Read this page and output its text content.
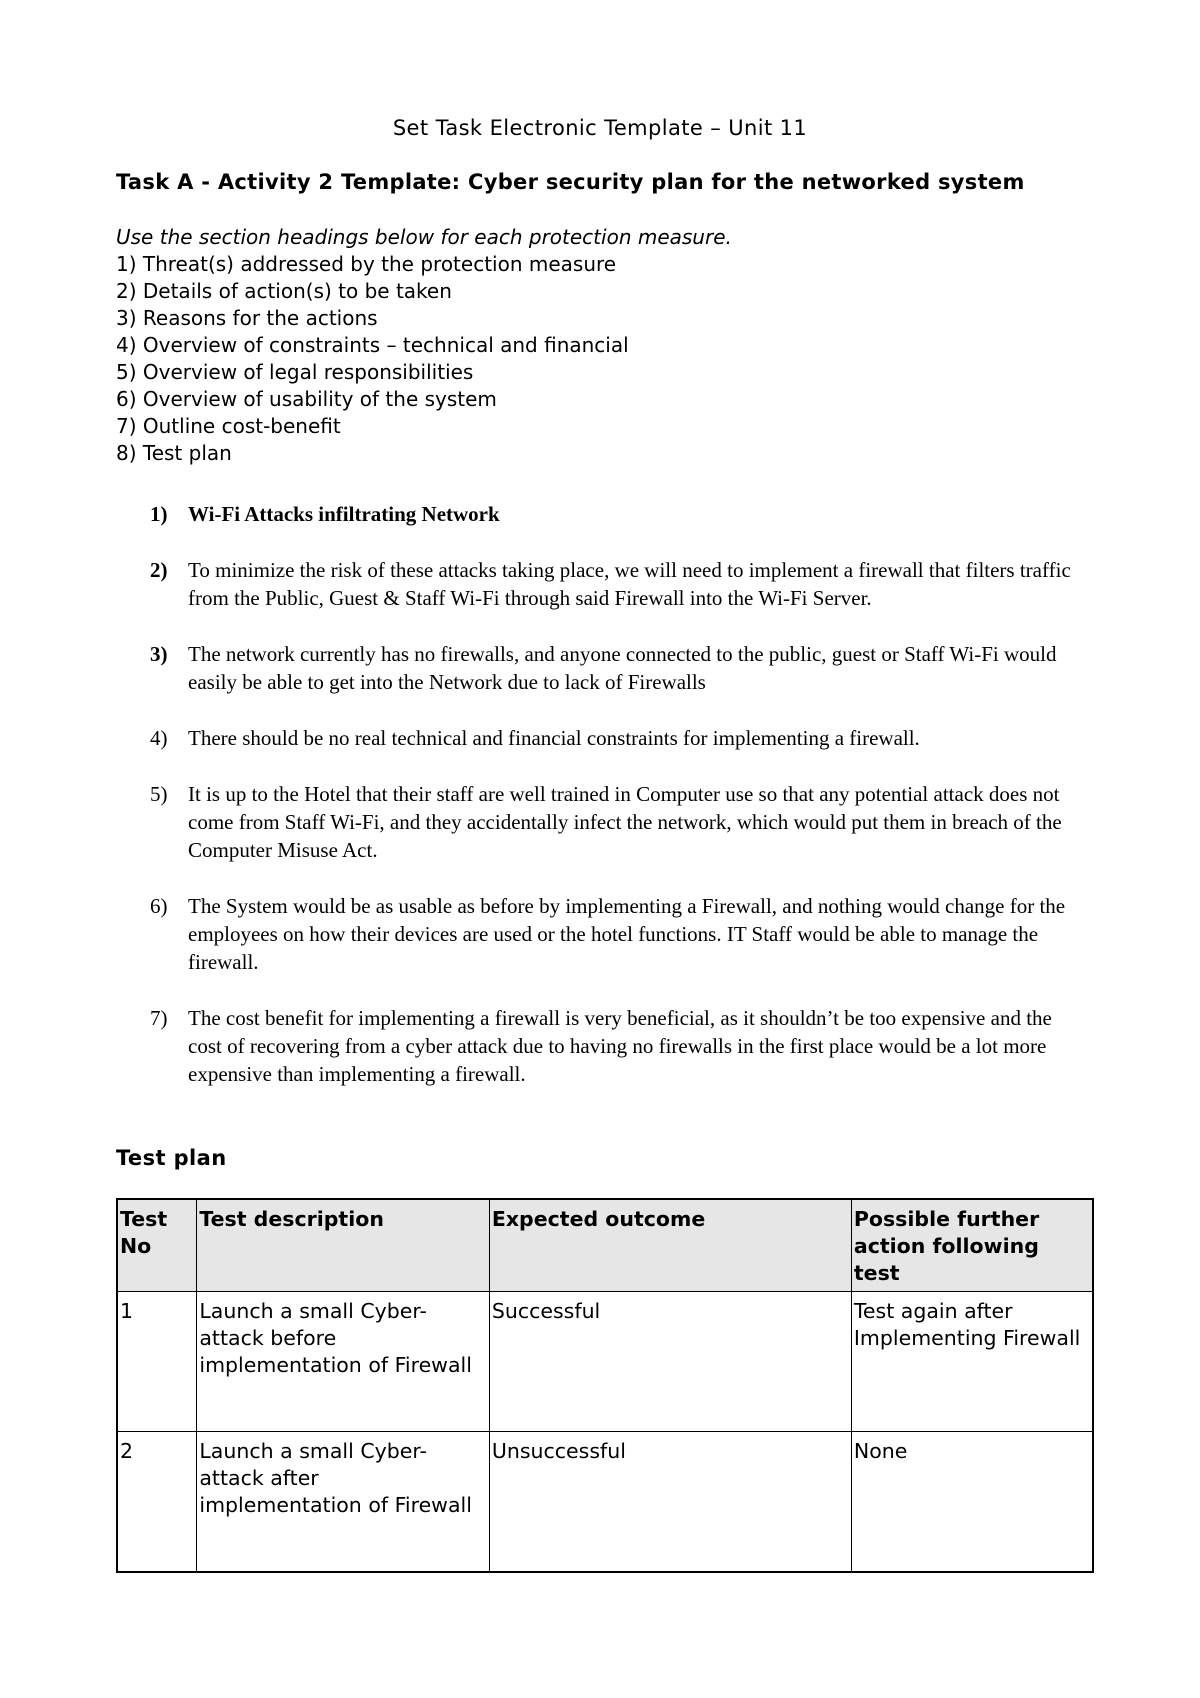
Set Task Electronic Template – Unit 11
Task A - Activity 2 Template: Cyber security plan for the networked system
Use the section headings below for each protection measure.
1) Threat(s) addressed by the protection measure
2) Details of action(s) to be taken
3) Reasons for the actions
4) Overview of constraints – technical and financial
5) Overview of legal responsibilities
6) Overview of usability of the system
7) Outline cost-benefit
8) Test plan
1) Wi-Fi Attacks infiltrating Network
2) To minimize the risk of these attacks taking place, we will need to implement a firewall that filters traffic from the Public, Guest & Staff Wi-Fi through said Firewall into the Wi-Fi Server.
3) The network currently has no firewalls, and anyone connected to the public, guest or Staff Wi-Fi would easily be able to get into the Network due to lack of Firewalls
4) There should be no real technical and financial constraints for implementing a firewall.
5) It is up to the Hotel that their staff are well trained in Computer use so that any potential attack does not come from Staff Wi-Fi, and they accidentally infect the network, which would put them in breach of the Computer Misuse Act.
6) The System would be as usable as before by implementing a Firewall, and nothing would change for the employees on how their devices are used or the hotel functions. IT Staff would be able to manage the firewall.
7) The cost benefit for implementing a firewall is very beneficial, as it shouldn’t be too expensive and the cost of recovering from a cyber attack due to having no firewalls in the first place would be a lot more expensive than implementing a firewall.
Test plan
Test No	Test description	Expected outcome	Possible further action following test
1	Launch a small Cyber-attack before implementation of Firewall	Successful	Test again after Implementing Firewall
2	Launch a small Cyber-attack after implementation of Firewall	Unsuccessful	None
